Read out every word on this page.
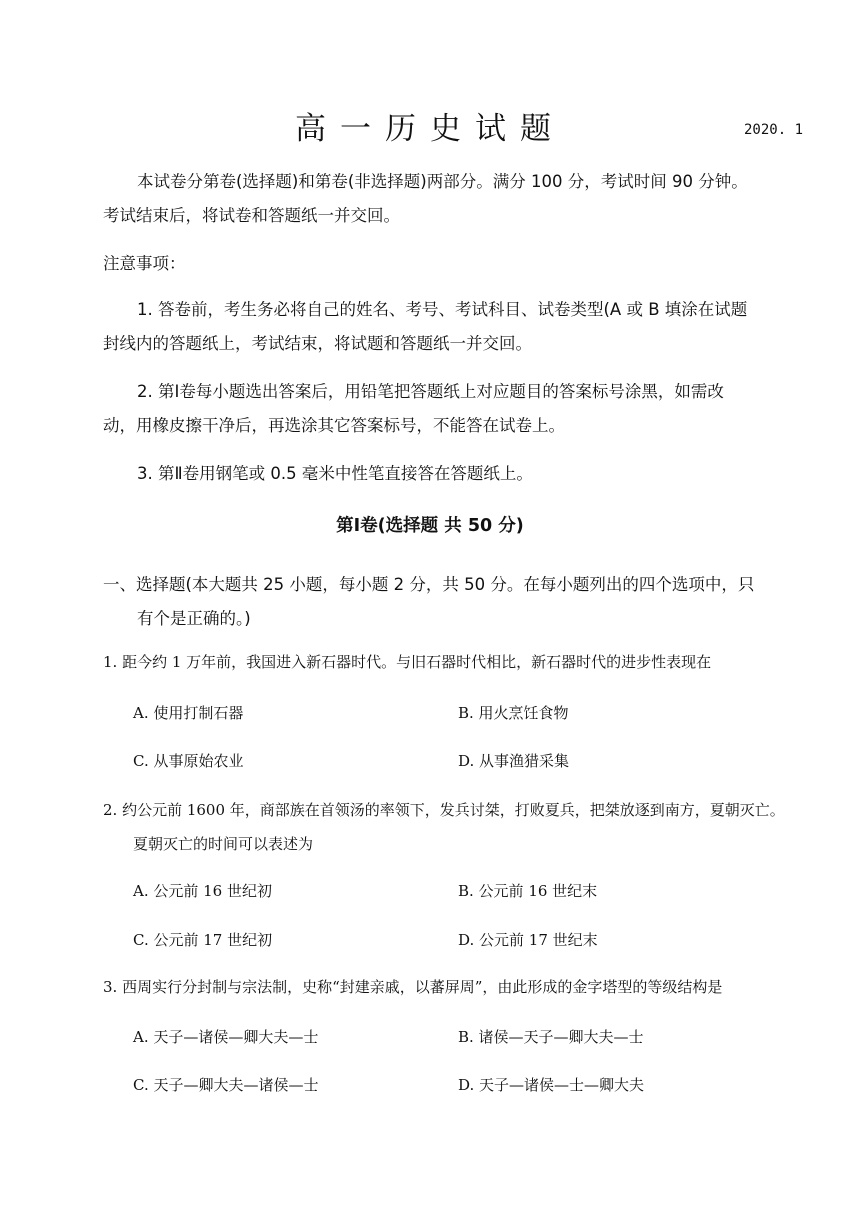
高一历史试题	2020. 1
本试卷分第卷(选择题)和第卷(非选择题)两部分。满分 100 分，考试时间 90 分钟。
考试结束后，将试卷和答题纸一并交回。
注意事项：
1. 答卷前，考生务必将自己的姓名、考号、考试科目、试卷类型(A 或 B 填涂在试题
封线内的答题纸上，考试结束，将试题和答题纸一并交回。
2. 第Ⅰ卷每小题选出答案后，用铅笔把答题纸上对应题目的答案标号涂黑，如需改
动，用橡皮擦干净后，再选涂其它答案标号，不能答在试卷上。
3. 第Ⅱ卷用钢笔或 0.5 毫米中性笔直接答在答题纸上。
第Ⅰ卷(选择题 共 50 分)
一、选择题(本大题共 25 小题，每小题 2 分，共 50 分。在每小题列出的四个选项中，只
有个是正确的。)
1. 距今约 1 万年前，我国进入新石器时代。与旧石器时代相比，新石器时代的进步性表现在
A. 使用打制石器	B. 用火烹饪食物
C. 从事原始农业	D. 从事渔猎采集
2. 约公元前 1600 年，商部族在首领汤的率领下，发兵讨桀，打败夏兵，把桀放逐到南方，夏朝灭亡。
夏朝灭亡的时间可以表述为
A. 公元前 16 世纪初	B. 公元前 16 世纪末
C. 公元前 17 世纪初	D. 公元前 17 世纪末
3. 西周实行分封制与宗法制，史称“封建亲戚，以蕃屏周”，由此形成的金字塔型的等级结构是
A. 天子—诸侯—卿大夫—士	B. 诸侯—天子—卿大夫—士
C. 天子—卿大夫—诸侯—士	D. 天子—诸侯—士—卿大夫
